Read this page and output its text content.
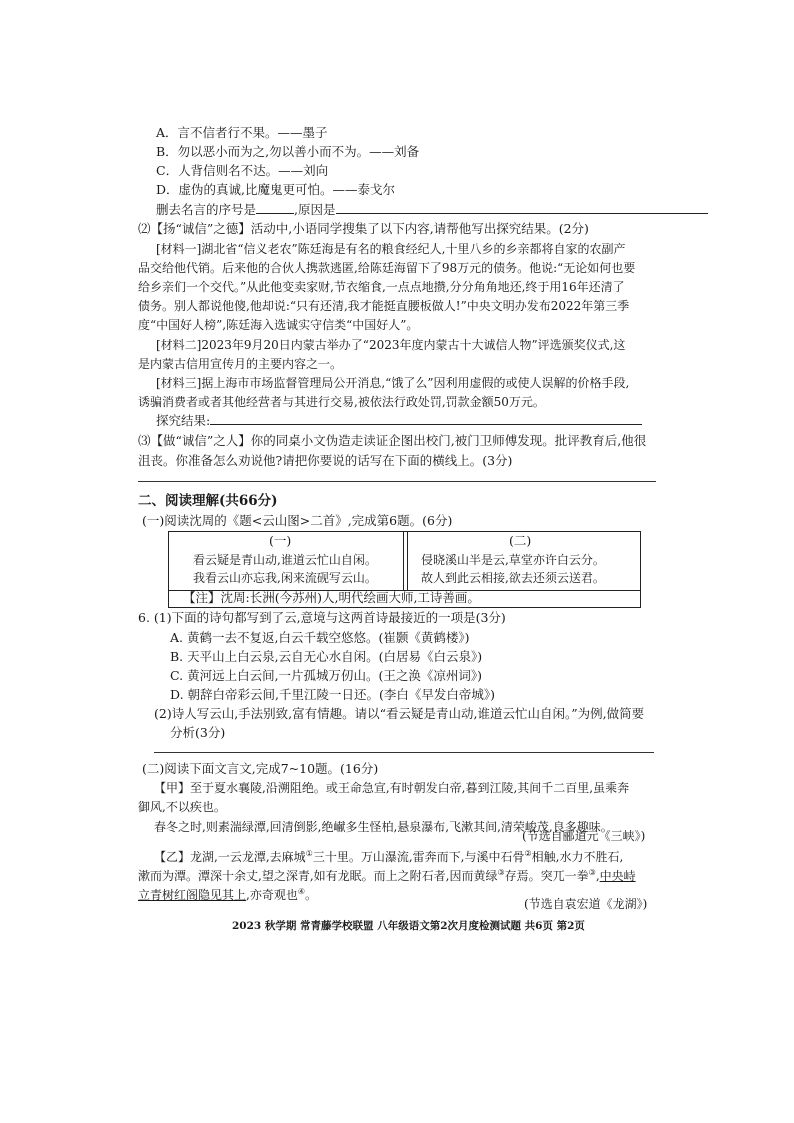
A．言不信者行不果。——墨子
B．勿以恶小而为之,勿以善小而不为。——刘备
C．人背信则名不达。——刘向
D．虚伪的真诚,比魔鬼更可怕。——泰戈尔
删去名言的序号是	,原因是
⑵【扬“诚信”之德】活动中,小语同学搜集了以下内容,请帮他写出探究结果。(2分)
[材料一]湖北省“信义老农”陈廷海是有名的粮食经纪人,十里八乡的乡亲都将自家的农副产
品交给他代销。后来他的合伙人携款逃匿,给陈廷海留下了98万元的债务。他说:“无论如何也要
给乡亲们一个交代。”从此他变卖家财,节衣缩食,一点点地攒,分分角角地还,终于用16年还清了
债务。别人都说他傻,他却说:“只有还清,我才能挺直腰板做人!”中央文明办发布2022年第三季
度“中国好人榜”,陈廷海入选诚实守信类“中国好人”。
[材料二]2023年9月20日内蒙古举办了“2023年度内蒙古十大诚信人物”评选颁奖仪式,这
是内蒙古信用宣传月的主要内容之一。
[材料三]据上海市市场监督管理局公开消息,“饿了么”因利用虚假的或使人误解的价格手段,
诱骗消费者或者其他经营者与其进行交易,被依法行政处罚,罚款金额50万元。
探究结果:
⑶【做“诚信”之人】你的同桌小文伪造走读证企图出校门,被门卫师傅发现。批评教育后,他很
沮丧。你准备怎么劝说他?请把你要说的话写在下面的横线上。(3分)
二、阅读理解(共66分)
(一)阅读沈周的《题<云山图>二首》,完成第6题。(6分)
(一)	(二)
看云疑是青山动,谁道云忙山自闲。
我看云山亦忘我,闲来流砚写云山。
侵晓溪山半是云,草堂亦许白云分。
故人到此云相接,欲去还须云送君。
【注】沈周:长洲(今苏州)人,明代绘画大师,工诗善画。
6. (1)下面的诗句都写到了云,意境与这两首诗最接近的一项是(3分)
A. 黄鹤一去不复返,白云千载空悠悠。(崔颢《黄鹤楼》)
B. 天平山上白云泉,云自无心水自闲。(白居易《白云泉》)
C. 黄河远上白云间,一片孤城万仞山。(王之涣《凉州词》)
D. 朝辞白帝彩云间,千里江陵一日还。(李白《早发白帝城》)
(2)诗人写云山,手法别致,富有情趣。请以“看云疑是青山动,谁道云忙山自闲。”为例,做简要
分析(3分)
(二)阅读下面文言文,完成7~10题。(16分)
【甲】至于夏水襄陵,沿溯阻绝。或王命急宣,有时朝发白帝,暮到江陵,其间千二百里,虽乘奔
御风,不以疾也。
春冬之时,则素湍绿潭,回清倒影,绝𪩘多生怪柏,悬泉瀑布,飞漱其间,清荣峻茂,良多趣味。
(节选自郦道元《三峡》)
【乙】龙湖,一云龙潭,去麻城①三十里。万山瀑流,雷奔而下,与溪中石骨②相触,水力不胜石,
漱而为潭。潭深十余丈,望之深青,如有龙眠。而上之附石者,因而黄绿③存焉。突兀一拳③,中央峙
立青树红阁隐见其上,亦奇观也④。
(节选自袁宏道《龙湖》)
2023 秋学期 常青藤学校联盟 八年级语文第2次月度检测试题 共6页 第2页
